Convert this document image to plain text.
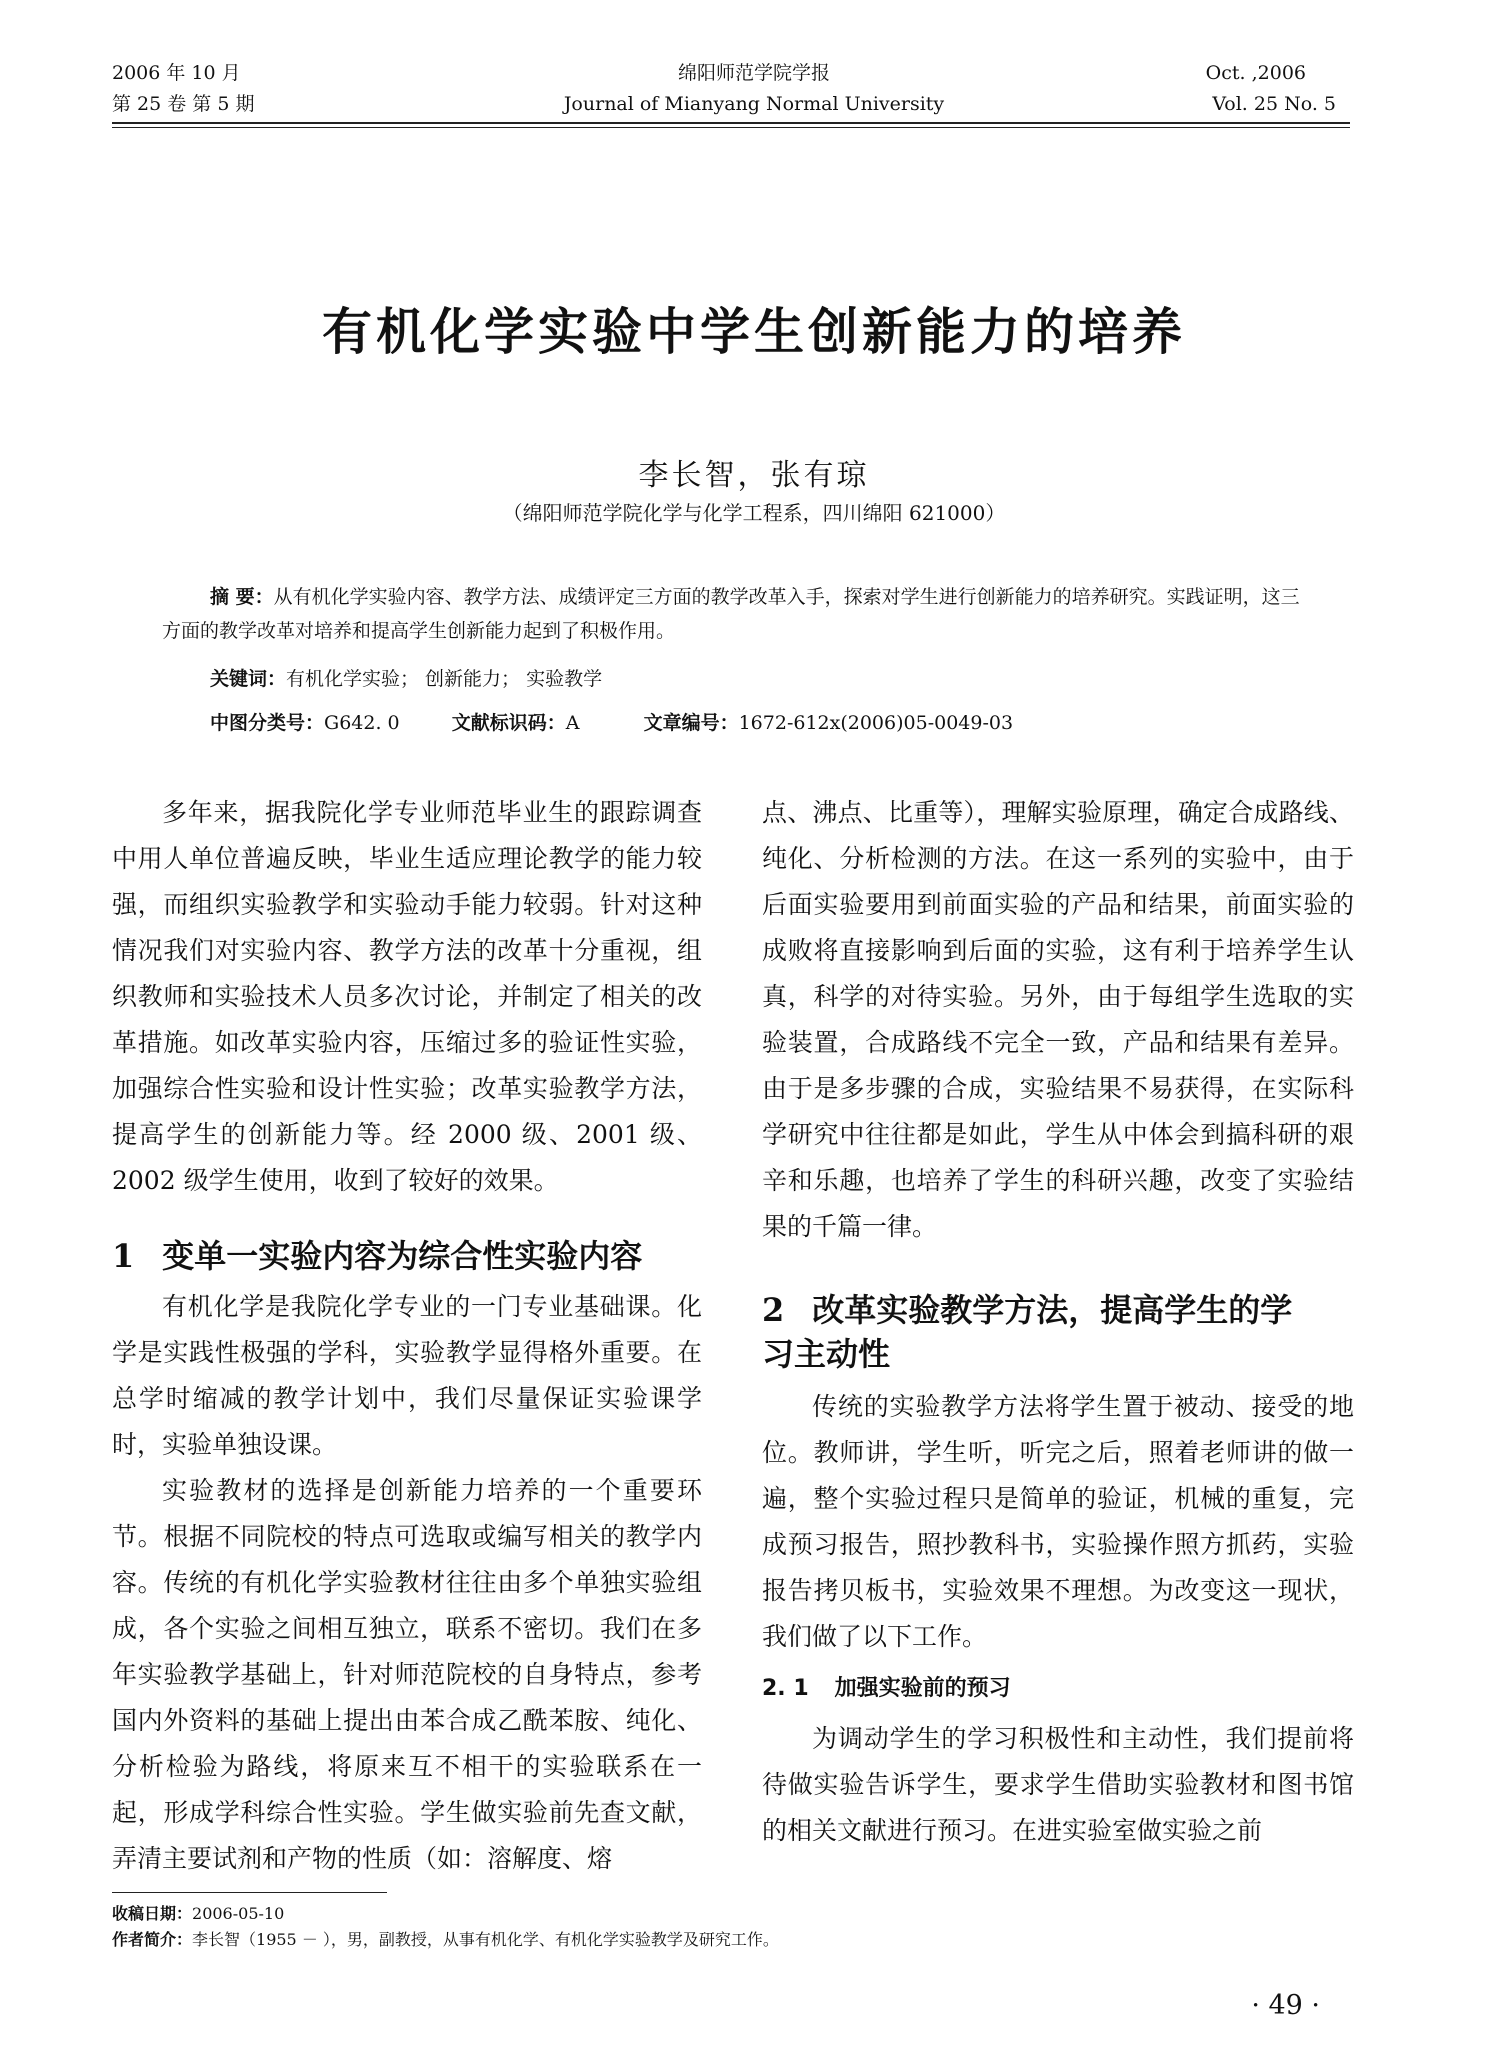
2006 年 10 月
第 25 卷 第 5 期
绵阳师范学院学报
Journal of Mianyang Normal University
Oct. ,2006
Vol. 25 No. 5
有机化学实验中学生创新能力的培养
李长智，张有琼
（绵阳师范学院化学与化学工程系，四川绵阳 621000）
摘 要：从有机化学实验内容、教学方法、成绩评定三方面的教学改革入手，探索对学生进行创新能力的培养研究。实践证明，这三方面的教学改革对培养和提高学生创新能力起到了积极作用。
关键词：有机化学实验； 创新能力； 实验教学
中图分类号：G642. 0	文献标识码：A	文章编号：1672-612x(2006)05-0049-03

多年来，据我院化学专业师范毕业生的跟踪调查中用人单位普遍反映，毕业生适应理论教学的能力较强，而组织实验教学和实验动手能力较弱。针对这种情况我们对实验内容、教学方法的改革十分重视，组织教师和实验技术人员多次讨论，并制定了相关的改革措施。如改革实验内容，压缩过多的验证性实验，加强综合性实验和设计性实验；改革实验教学方法，提高学生的创新能力等。经 2000 级、2001 级、2002 级学生使用，收到了较好的效果。

1 变单一实验内容为综合性实验内容

有机化学是我院化学专业的一门专业基础课。化学是实践性极强的学科，实验教学显得格外重要。在总学时缩减的教学计划中，我们尽量保证实验课学时，实验单独设课。

实验教材的选择是创新能力培养的一个重要环节。根据不同院校的特点可选取或编写相关的教学内容。传统的有机化学实验教材往往由多个单独实验组成，各个实验之间相互独立，联系不密切。我们在多年实验教学基础上，针对师范院校的自身特点，参考国内外资料的基础上提出由苯合成乙酰苯胺、纯化、分析检验为路线，将原来互不相干的实验联系在一起，形成学科综合性实验。学生做实验前先查文献，弄清主要试剂和产物的性质（如：溶解度、熔

点、沸点、比重等），理解实验原理，确定合成路线、纯化、分析检测的方法。在这一系列的实验中，由于后面实验要用到前面实验的产品和结果，前面实验的成败将直接影响到后面的实验，这有利于培养学生认真，科学的对待实验。另外，由于每组学生选取的实验装置，合成路线不完全一致，产品和结果有差异。由于是多步骤的合成，实验结果不易获得，在实际科学研究中往往都是如此，学生从中体会到搞科研的艰辛和乐趣，也培养了学生的科研兴趣，改变了实验结果的千篇一律。

2 改革实验教学方法，提高学生的学
习主动性

传统的实验教学方法将学生置于被动、接受的地位。教师讲，学生听，听完之后，照着老师讲的做一遍，整个实验过程只是简单的验证，机械的重复，完成预习报告，照抄教科书，实验操作照方抓药，实验报告拷贝板书，实验效果不理想。为改变这一现状，我们做了以下工作。

2. 1 加强实验前的预习

为调动学生的学习积极性和主动性，我们提前将待做实验告诉学生，要求学生借助实验教材和图书馆的相关文献进行预习。在进实验室做实验之前

收稿日期：2006-05-10
作者简介：李长智（1955 － ），男，副教授，从事有机化学、有机化学实验教学及研究工作。
· 49 ·
